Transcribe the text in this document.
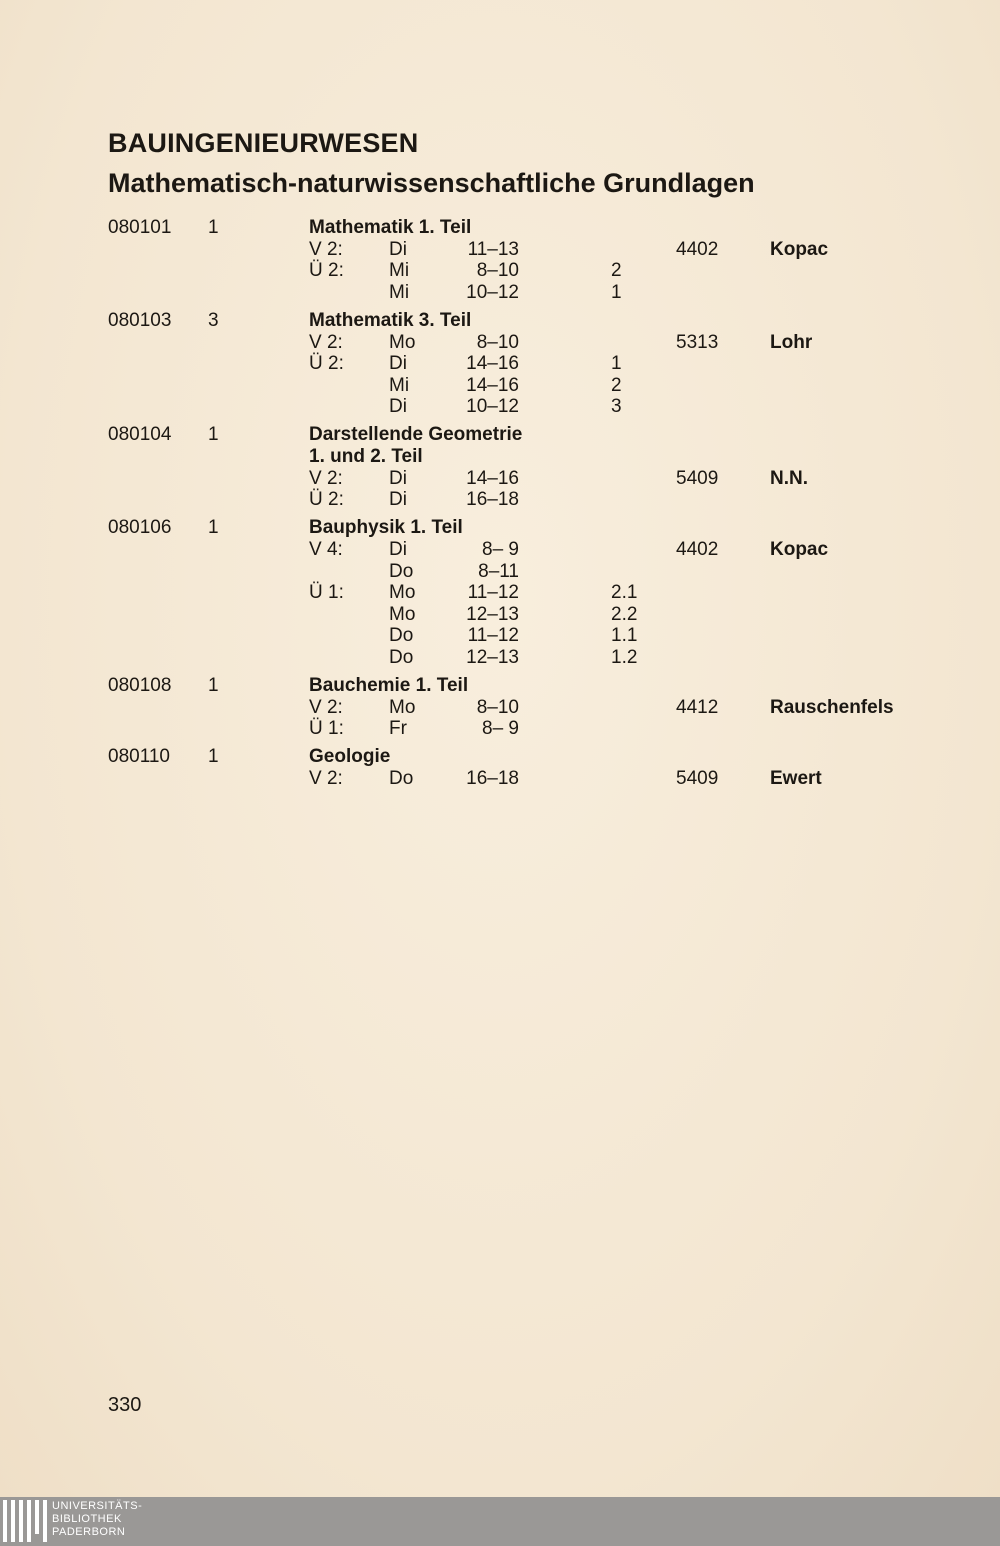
BAUINGENIEURWESEN
Mathematisch-naturwissenschaftliche Grundlagen
080101 1	Mathematik 1. Teil
V 2: Di	11–13	4402	Kopac
Ü 2: Mi	8–10	2
Mi	10–12	1
080103 3	Mathematik 3. Teil
V 2: Mo	8–10	5313	Lohr
Ü 2: Di	14–16	1
Mi	14–16	2
Di	10–12	3
080104 1	Darstellende Geometrie
1. und 2. Teil
V 2: Di	14–16	5409	N.N.
Ü 2: Di	16–18
080106 1	Bauphysik 1. Teil
V 4: Di	8– 9	4402	Kopac
Do	8–11
Ü 1: Mo	11–12	2.1
Mo	12–13	2.2
Do	11–12	1.1
Do	12–13	1.2
080108 1	Bauchemie 1. Teil
V 2: Mo	8–10	4412	Rauschenfels
Ü 1: Fr	8– 9
080110 1	Geologie
V 2: Do	16–18	5409	Ewert
330
UNIVERSITÄTS-
BIBLIOTHEK
PADERBORN
